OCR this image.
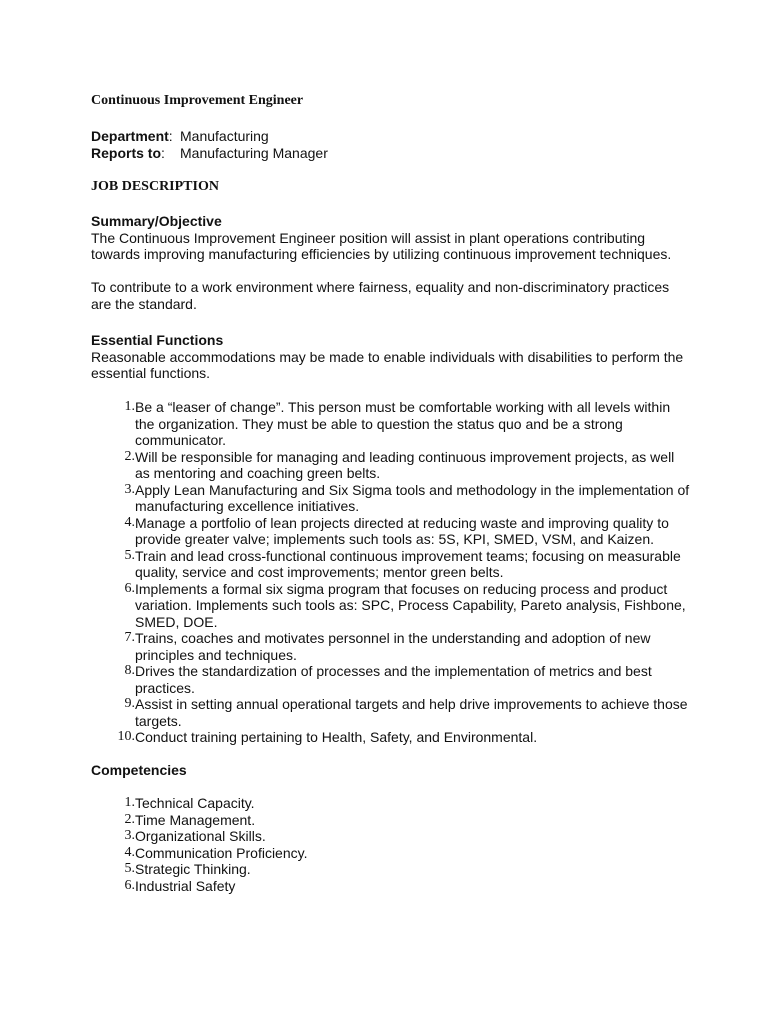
Continuous Improvement Engineer
Department: Manufacturing
Reports to:	Manufacturing Manager
JOB DESCRIPTION
Summary/Objective

The Continuous Improvement Engineer position will assist in plant operations contributing towards improving manufacturing efficiencies by utilizing continuous improvement techniques.

To contribute to a work environment where fairness, equality and non-discriminatory practices are the standard.

Essential Functions

Reasonable accommodations may be made to enable individuals with disabilities to perform the essential functions.

1. Be a “leaser of change”. This person must be comfortable working with all levels within the organization. They must be able to question the status quo and be a strong communicator.
2. Will be responsible for managing and leading continuous improvement projects, as well as mentoring and coaching green belts.
3. Apply Lean Manufacturing and Six Sigma tools and methodology in the implementation of manufacturing excellence initiatives.
4. Manage a portfolio of lean projects directed at reducing waste and improving quality to provide greater valve; implements such tools as: 5S, KPI, SMED, VSM, and Kaizen.
5. Train and lead cross-functional continuous improvement teams; focusing on measurable quality, service and cost improvements; mentor green belts.
6. Implements a formal six sigma program that focuses on reducing process and product variation. Implements such tools as: SPC, Process Capability, Pareto analysis, Fishbone, SMED, DOE.
7. Trains, coaches and motivates personnel in the understanding and adoption of new principles and techniques.
8. Drives the standardization of processes and the implementation of metrics and best practices.
9. Assist in setting annual operational targets and help drive improvements to achieve those targets.
10. Conduct training pertaining to Health, Safety, and Environmental.
Competencies
1. Technical Capacity.
2. Time Management.
3. Organizational Skills.
4. Communication Proficiency.
5. Strategic Thinking.
6. Industrial Safety
